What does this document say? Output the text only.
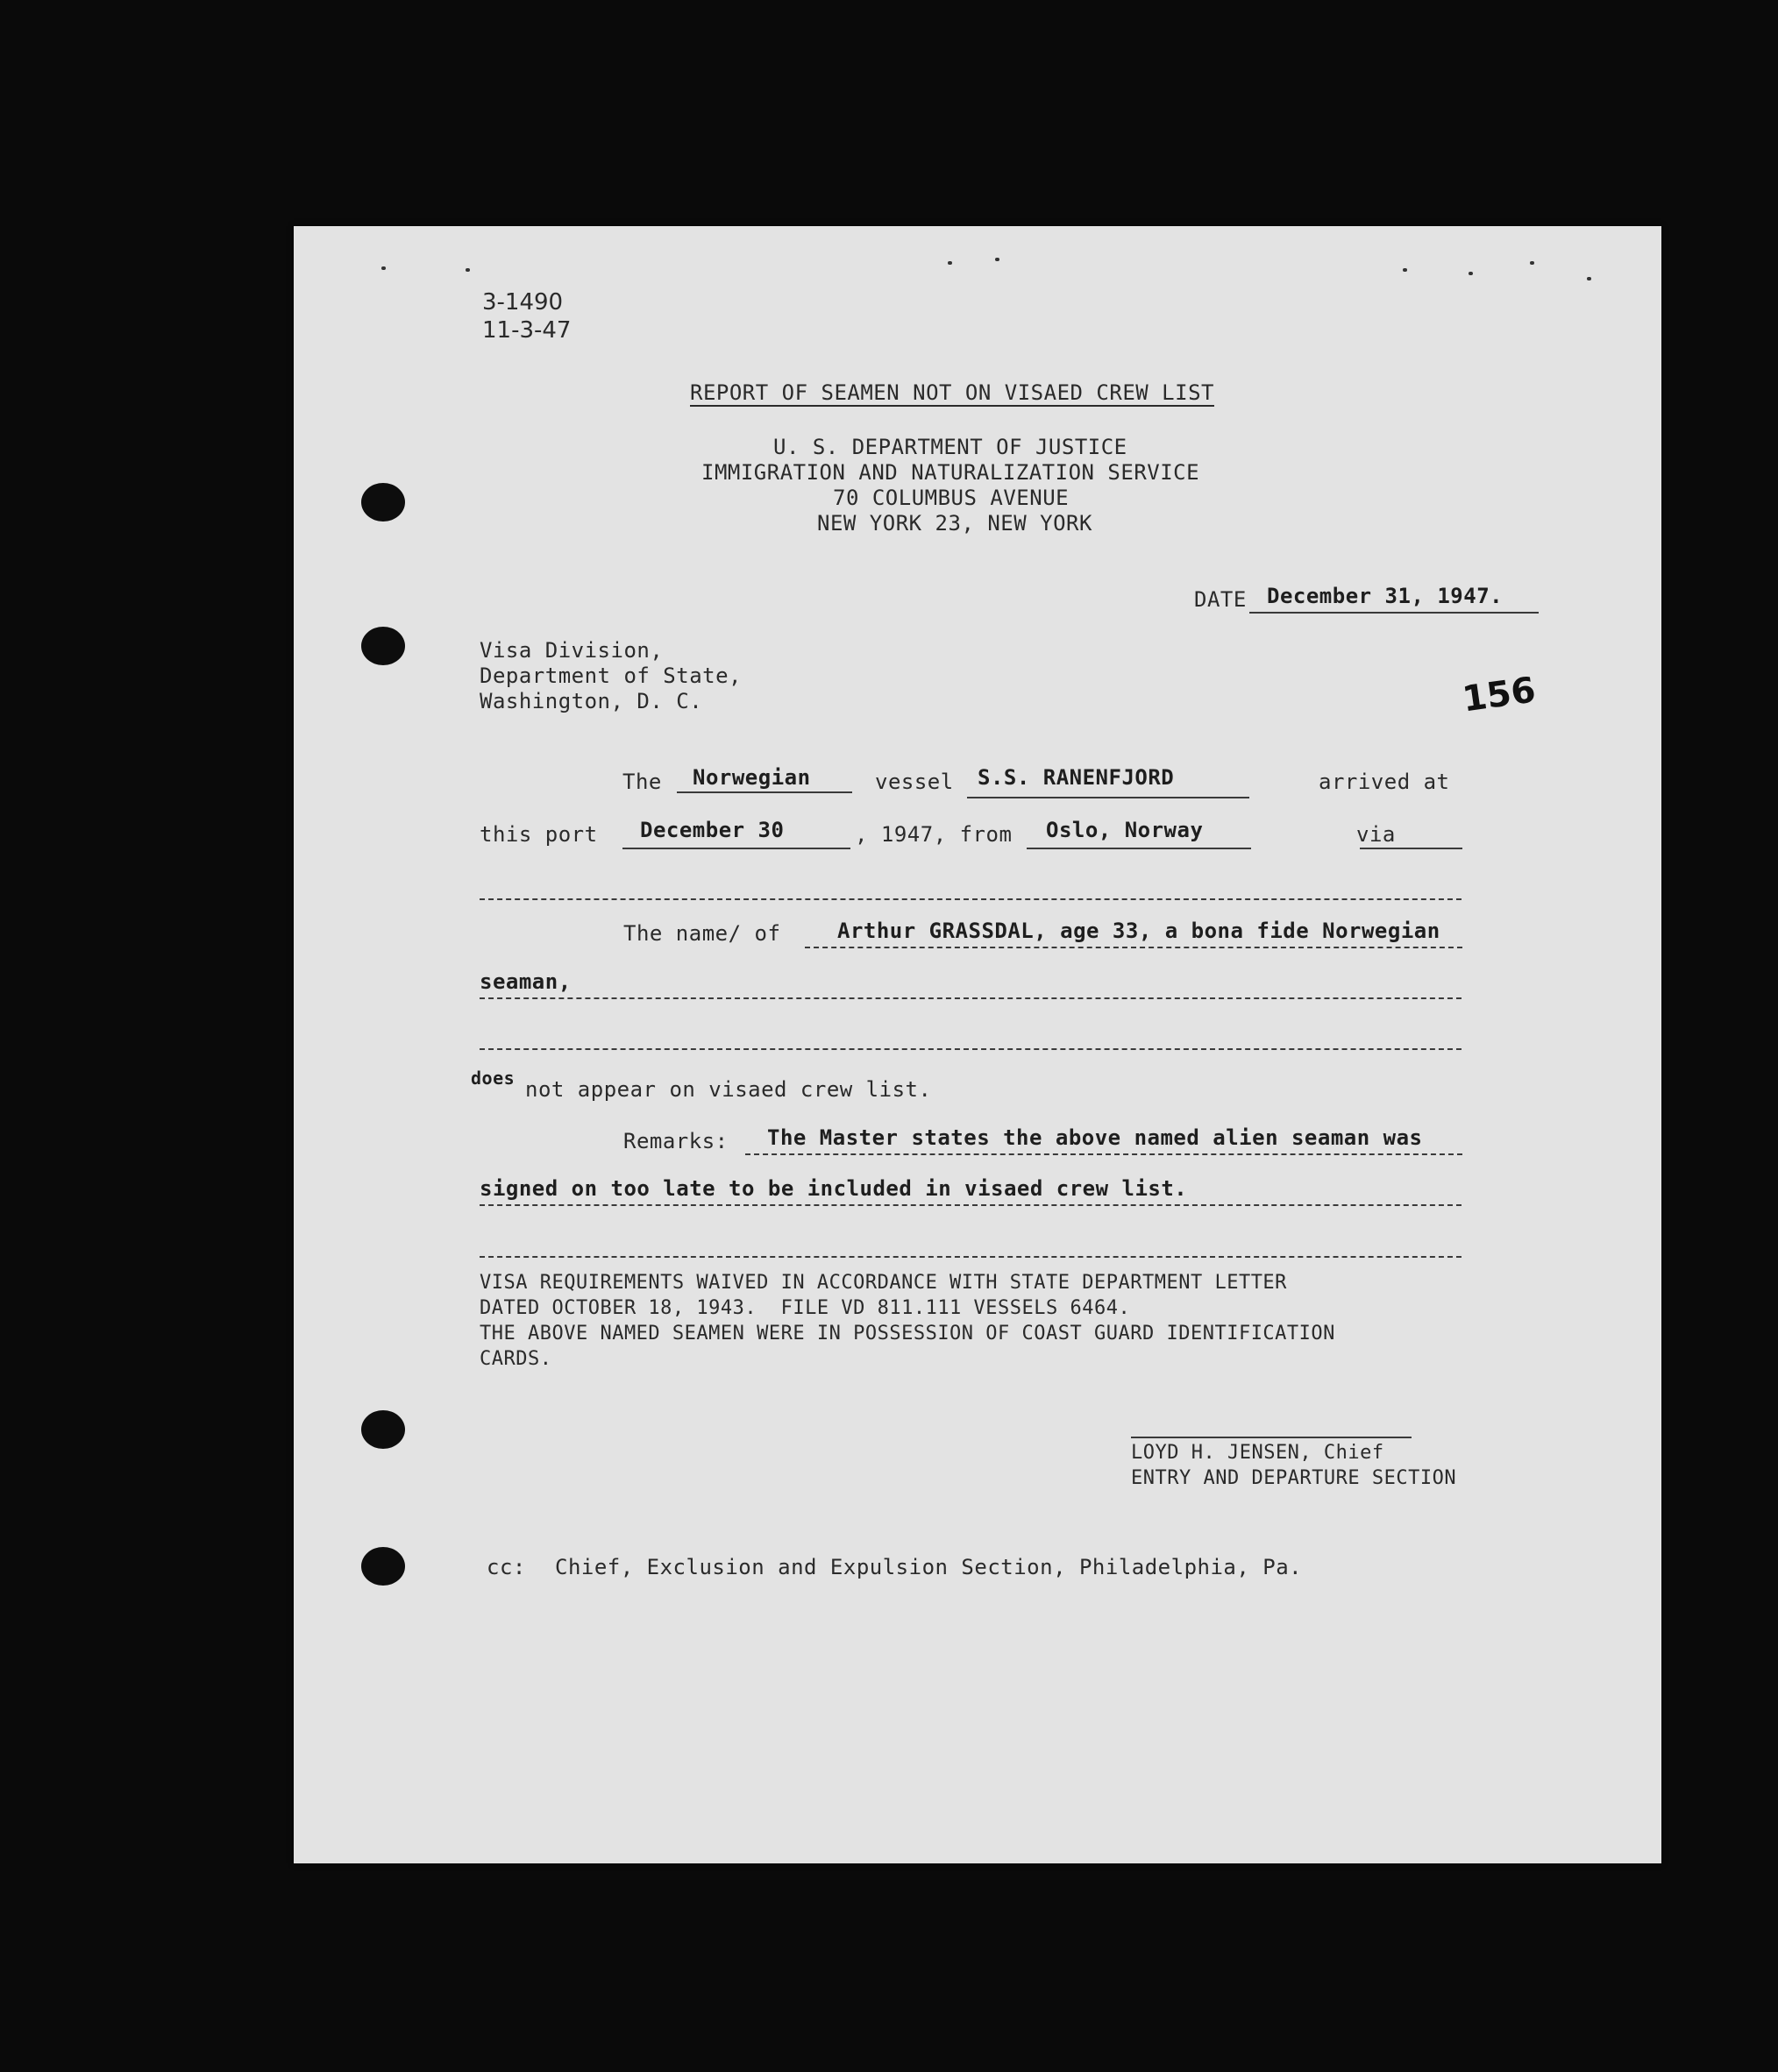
3-1490
11-3-47
REPORT OF SEAMEN NOT ON VISAED CREW LIST
U. S. DEPARTMENT OF JUSTICE
IMMIGRATION AND NATURALIZATION SERVICE
70 COLUMBUS AVENUE
NEW YORK 23, NEW YORK
DATE December 31, 1947.
156
Visa Division,
Department of State,
Washington, D. C.
The Norwegian	vessel S.S. RANENFJORD	arrived at
this port December 30	, 1947, from Oslo, Norway	via
The name/ of	Arthur GRASSDAL, age 33, a bona fide Norwegian
seaman,
does not appear on visaed crew list.
Remarks: The Master states the above named alien seaman was
signed on too late to be included in visaed crew list.
VISA REQUIREMENTS WAIVED IN ACCORDANCE WITH STATE DEPARTMENT LETTER
DATED OCTOBER 18, 1943.  FILE VD 811.111 VESSELS 6464.
THE ABOVE NAMED SEAMEN WERE IN POSSESSION OF COAST GUARD IDENTIFICATION
CARDS.
LOYD H. JENSEN, Chief
ENTRY AND DEPARTURE SECTION
cc: Chief, Exclusion and Expulsion Section, Philadelphia, Pa.
